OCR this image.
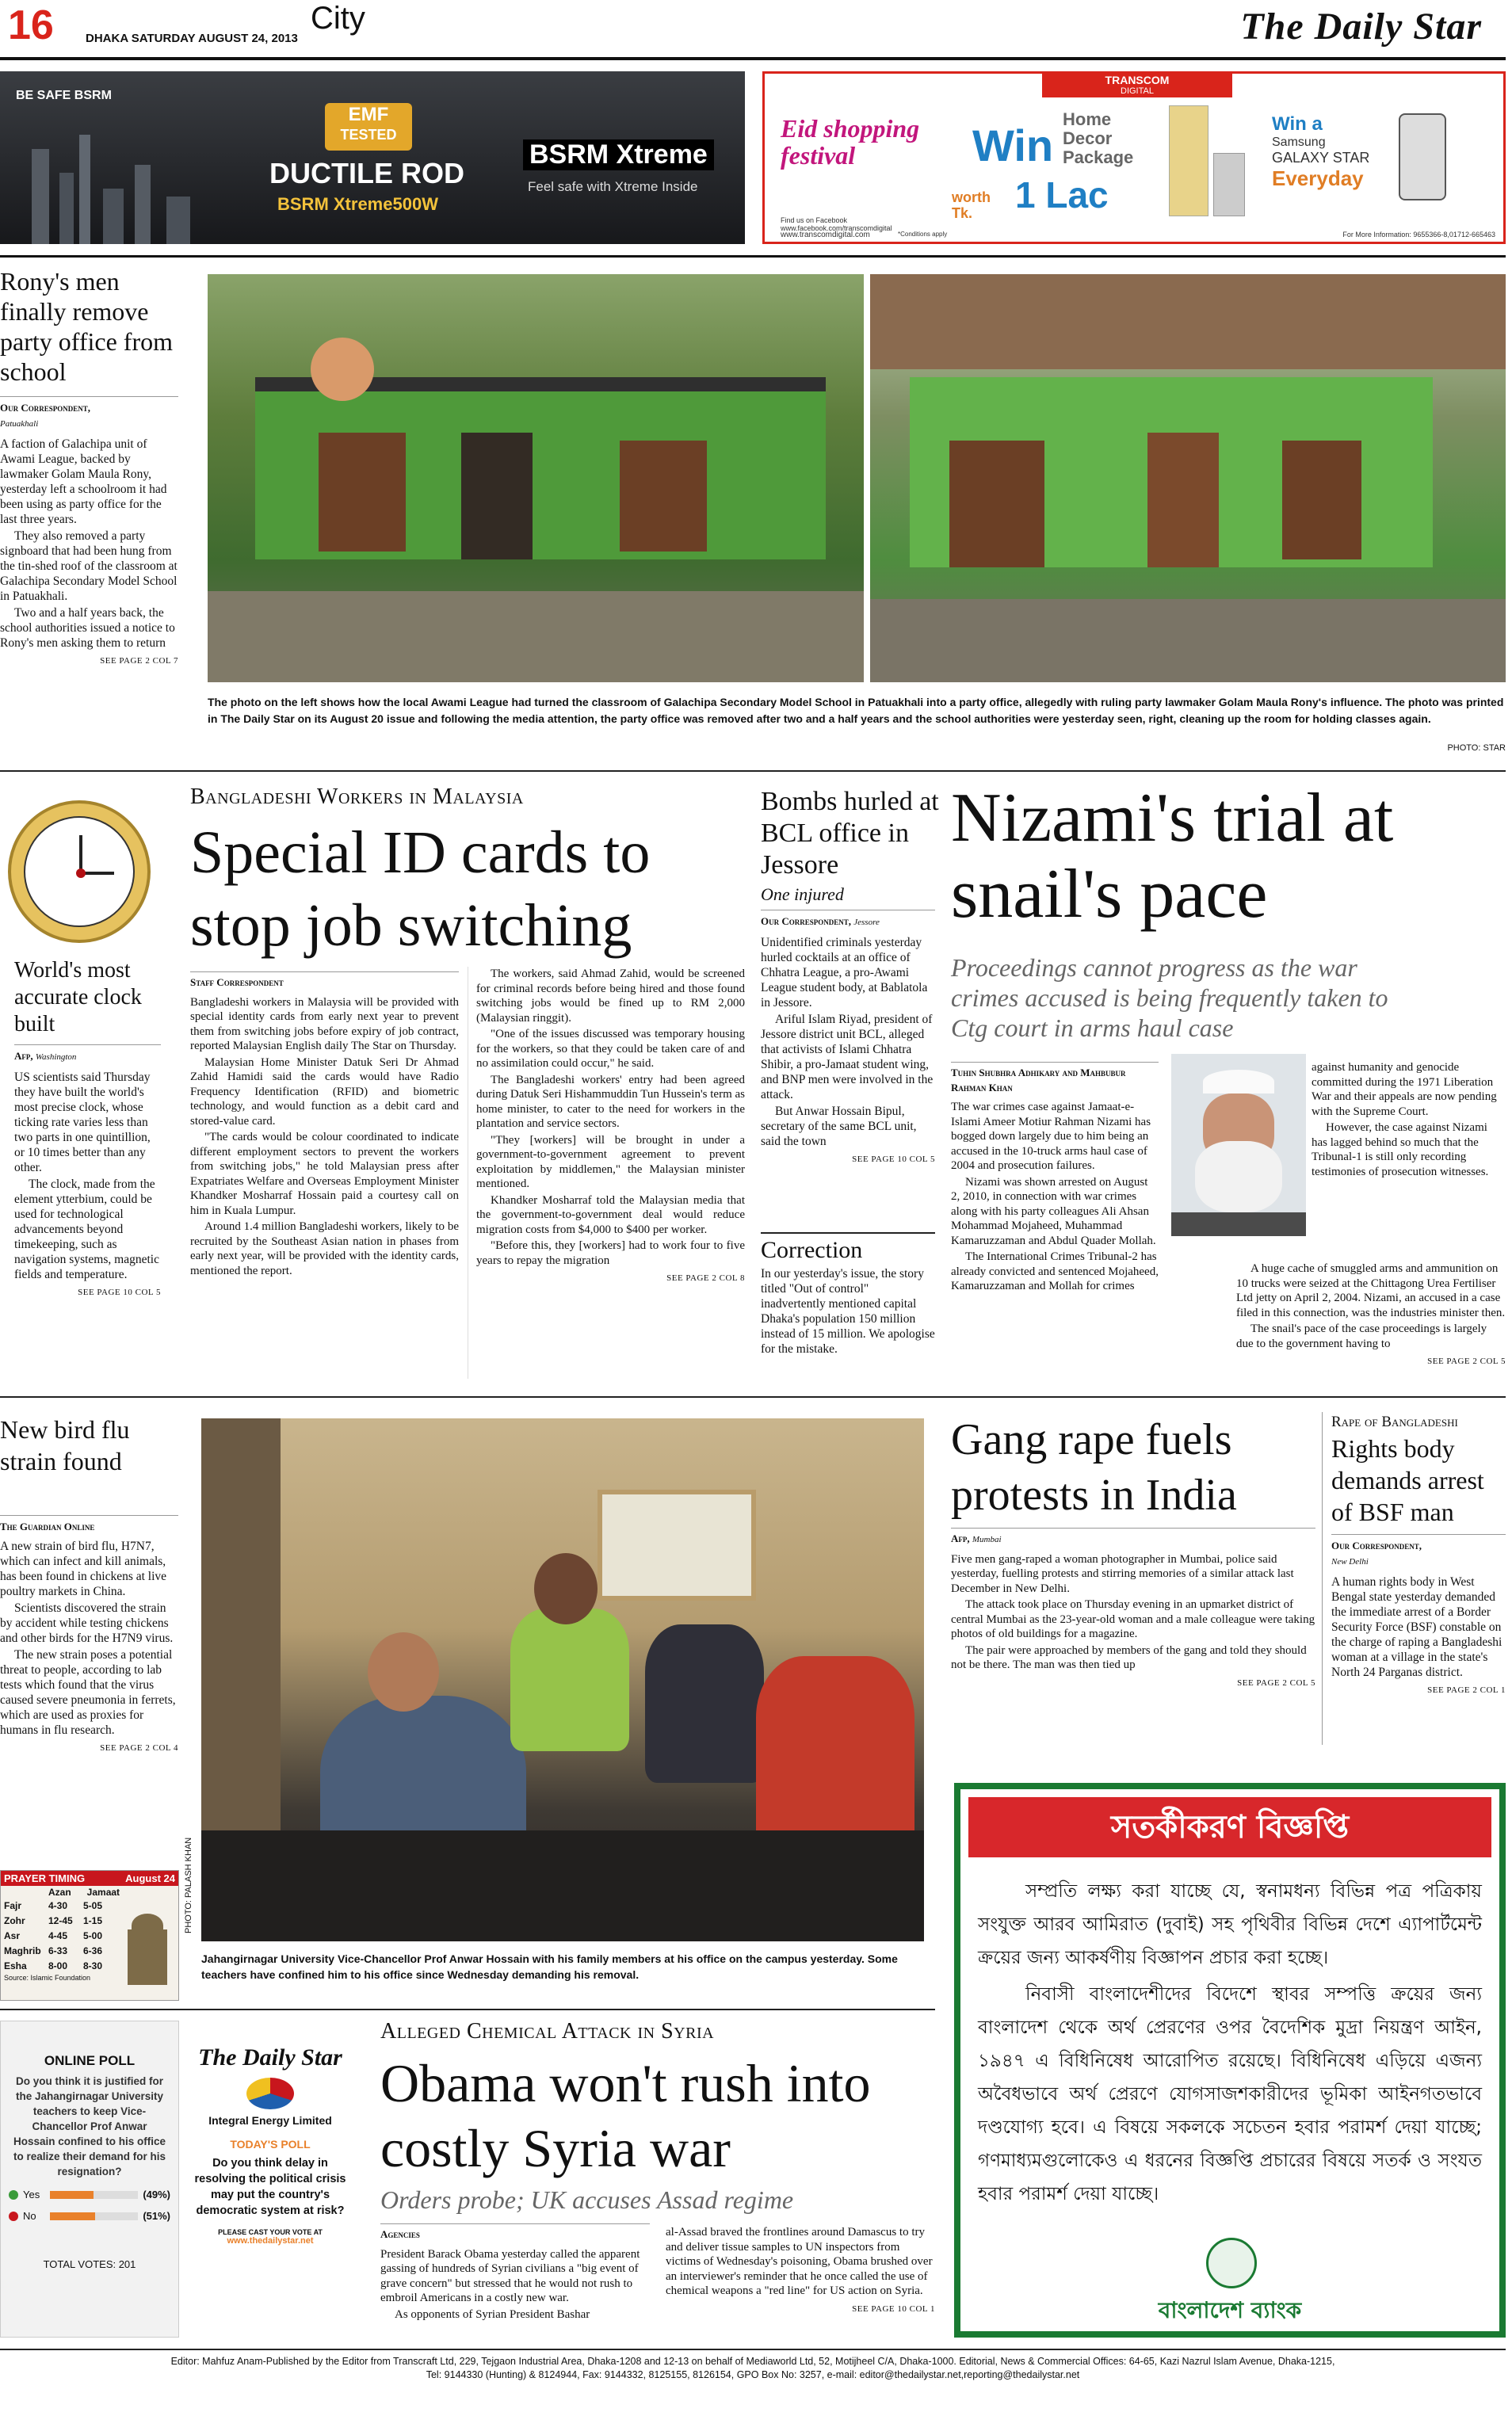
16	DHAKA SATURDAY AUGUST 24, 2013
City	The Daily Star
BE SAFE BSRM
EMF
TESTED
DUCTILE ROD
BSRM Xtreme500W
BSRM Xtreme
Feel safe with Xtreme Inside
TRANSCOM
DIGITAL
Eid shopping festival	Win
Home Decor Package
worth Tk.	1 Lac
Win a
Samsung
GALAXY STAR
Everyday
Find us on Facebook www.facebook.com/transcomdigital
www.transcomdigital.com	*Conditions apply	For More Information: 9655366-8,01712-665463
Rony's men finally remove party office from school
Our Correspondent,
Patuakhali

A faction of Galachipa unit of Awami League, backed by lawmaker Golam Maula Rony, yesterday left a schoolroom it had been using as party office for the last three years.

They also removed a party signboard that had been hung from the tin-shed roof of the classroom at Galachipa Secondary Model School in Patuakhali.

Two and a half years back, the school authorities issued a notice to Rony's men asking them to return

SEE PAGE 2 COL 7
The photo on the left shows how the local Awami League had turned the classroom of Galachipa Secondary Model School in Patuakhali into a party office, allegedly with ruling party lawmaker Golam Maula Rony's influence. The photo was printed in The Daily Star on its August 20 issue and following the media attention, the party office was removed after two and a half years and the school authorities were yesterday seen, right, cleaning up the room for holding classes again.
PHOTO: STAR
World's most accurate clock built
Afp, Washington

US scientists said Thursday they have built the world's most precise clock, whose ticking rate varies less than two parts in one quintillion, or 10 times better than any other.

The clock, made from the element ytterbium, could be used for technological advancements beyond timekeeping, such as navigation systems, magnetic fields and temperature.

SEE PAGE 10 COL 5
Bangladeshi Workers in Malaysia
Special ID cards to stop job switching
Staff Correspondent

Bangladeshi workers in Malaysia will be provided with special identity cards from early next year to prevent them from switching jobs before expiry of job contract, reported Malaysian English daily The Star on Thursday.

Malaysian Home Minister Datuk Seri Dr Ahmad Zahid Hamidi said the cards would have Radio Frequency Identification (RFID) and biometric technology, and would function as a debit card and stored-value card.

"The cards would be colour coordinated to indicate different employment sectors to prevent the workers from switching jobs," he told Malaysian press after Expatriates Welfare and Overseas Employment Minister Khandker Mosharraf Hossain paid a courtesy call on him in Kuala Lumpur.

Around 1.4 million Bangladeshi workers, likely to be recruited by the Southeast Asian nation in phases from early next year, will be provided with the identity cards, mentioned the report.

The workers, said Ahmad Zahid, would be screened for criminal records before being hired and those found switching jobs would be fined up to RM 2,000 (Malaysian ringgit).

"One of the issues discussed was temporary housing for the workers, so that they could be taken care of and no assimilation could occur," he said.

The Bangladeshi workers' entry had been agreed during Datuk Seri Hishammuddin Tun Hussein's term as home minister, to cater to the need for workers in the plantation and service sectors.

"They [workers] will be brought in under a government-to-government agreement to prevent exploitation by middlemen," the Malaysian minister mentioned.

Khandker Mosharraf told the Malaysian media that the government-to-government deal would reduce migration costs from $4,000 to $400 per worker.

"Before this, they [workers] had to work four to five years to repay the migration

SEE PAGE 2 COL 8
Bombs hurled at BCL office in Jessore
One injured
Our Correspondent, Jessore

Unidentified criminals yesterday hurled cocktails at an office of Chhatra League, a pro-Awami League student body, at Bablatola in Jessore.

Ariful Islam Riyad, president of Jessore district unit BCL, alleged that activists of Islami Chhatra Shibir, a pro-Jamaat student wing, and BNP men were involved in the attack.

But Anwar Hossain Bipul, secretary of the same BCL unit, said the town

SEE PAGE 10 COL 5
Correction
In our yesterday's issue, the story titled "Out of control" inadvertently mentioned capital Dhaka's population 150 million instead of 15 million. We apologise for the mistake.
Nizami's trial at snail's pace
Proceedings cannot progress as the war crimes accused is being frequently taken to Ctg court in arms haul case
Tuhin Shubhra Adhikary and Mahbubur Rahman Khan

The war crimes case against Jamaat-e-Islami Ameer Motiur Rahman Nizami has bogged down largely due to him being an accused in the 10-truck arms haul case of 2004 and prosecution failures.

Nizami was shown arrested on August 2, 2010, in connection with war crimes along with his party colleagues Ali Ahsan Mohammad Mojaheed, Muhammad Kamaruzzaman and Abdul Quader Mollah.

The International Crimes Tribunal-2 has already convicted and sentenced Mojaheed, Kamaruzzaman and Mollah for crimes

against humanity and genocide committed during the 1971 Liberation War and their appeals are now pending with the Supreme Court.

However, the case against Nizami has lagged behind so much that the Tribunal-1 is still only recording testimonies of prosecution witnesses.

A huge cache of smuggled arms and ammunition on 10 trucks were seized at the Chittagong Urea Fertiliser Ltd jetty on April 2, 2004. Nizami, an accused in a case filed in this connection, was the industries minister then.

The snail's pace of the case proceedings is largely due to the government having to

SEE PAGE 2 COL 5
New bird flu strain found
The Guardian Online

A new strain of bird flu, H7N7, which can infect and kill animals, has been found in chickens at live poultry markets in China.

Scientists discovered the strain by accident while testing chickens and other birds for the H7N9 virus.

The new strain poses a potential threat to people, according to lab tests which found that the virus caused severe pneumonia in ferrets, which are used as proxies for humans in flu research.

SEE PAGE 2 COL 4
PRAYER TIMING	August 24
Azan Jamaat
Fajr	4-30	5-05
Zohr	12-45	1-15
Asr	4-45	5-00
Maghrib 6-33	6-36
Esha	8-00	8-30
Source: Islamic Foundation
PHOTO: PALASH KHAN
Jahangirnagar University Vice-Chancellor Prof Anwar Hossain with his family members at his office on the campus yesterday. Some teachers have confined him to his office since Wednesday demanding his removal.
Gang rape fuels protests in India
Afp, Mumbai

Five men gang-raped a woman photographer in Mumbai, police said yesterday, fuelling protests and stirring memories of a similar attack last December in New Delhi.

The attack took place on Thursday evening in an upmarket district of central Mumbai as the 23-year-old woman and a male colleague were taking photos of old buildings for a magazine.

The pair were approached by members of the gang and told they should not be there. The man was then tied up

SEE PAGE 2 COL 5
Rape of Bangladeshi
Rights body demands arrest of BSF man
Our Correspondent,
New Delhi

A human rights body in West Bengal state yesterday demanded the immediate arrest of a Border Security Force (BSF) constable on the charge of raping a Bangladeshi woman at a village in the state's North 24 Parganas district.

SEE PAGE 2 COL 1
সতর্কীকরণ বিজ্ঞপ্তি

সম্প্রতি লক্ষ্য করা যাচ্ছে যে, স্বনামধন্য বিভিন্ন পত্র পত্রিকায় সংযুক্ত আরব আমিরাত (দুবাই) সহ পৃথিবীর বিভিন্ন দেশে এ্যাপার্টমেন্ট ক্রয়ের জন্য আকর্ষণীয় বিজ্ঞাপন প্রচার করা হচ্ছে।

নিবাসী বাংলাদেশীদের বিদেশে স্থাবর সম্পত্তি ক্রয়ের জন্য বাংলাদেশ থেকে অর্থ প্রেরণের ওপর বৈদেশিক মুদ্রা নিয়ন্ত্রণ আইন, ১৯৪৭ এ বিধিনিষেধ আরোপিত রয়েছে। বিধিনিষেধ এড়িয়ে এজন্য অবৈধভাবে অর্থ প্রেরণে যোগসাজশকারীদের ভূমিকা আইনগতভাবে দণ্ডযোগ্য হবে। এ বিষয়ে সকলকে সচেতন হবার পরামর্শ দেয়া যাচ্ছে; গণমাধ্যমগুলোকেও এ ধরনের বিজ্ঞপ্তি প্রচারের বিষয়ে সতর্ক ও সংযত হবার পরামর্শ দেয়া যাচ্ছে।

বাংলাদেশ ব্যাংক
ONLINE POLL
Do you think it is justified for the Jahangirnagar University teachers to keep Vice-Chancellor Prof Anwar Hossain confined to his office to realize their demand for his resignation?
Yes	(49%)
No	(51%)
TOTAL VOTES: 201
The Daily Star
Integral Energy Limited
TODAY'S POLL
Do you think delay in resolving the political crisis may put the country's democratic system at risk?
PLEASE CAST YOUR VOTE AT
www.thedailystar.net
Alleged Chemical Attack in Syria
Obama won't rush into costly Syria war
Orders probe; UK accuses Assad regime
Agencies

President Barack Obama yesterday called the apparent gassing of hundreds of Syrian civilians a "big event of grave concern" but stressed that he would not rush to embroil Americans in a costly new war.

As opponents of Syrian President Bashar

al-Assad braved the frontlines around Damascus to try and deliver tissue samples to UN inspectors from victims of Wednesday's poisoning, Obama brushed over an interviewer's reminder that he once called the use of chemical weapons a "red line" for US action on Syria.

SEE PAGE 10 COL 1
Editor: Mahfuz Anam-Published by the Editor from Transcraft Ltd, 229, Tejgaon Industrial Area, Dhaka-1208 and 12-13 on behalf of Mediaworld Ltd, 52, Motijheel C/A, Dhaka-1000. Editorial, News & Commercial Offices: 64-65, Kazi Nazrul Islam Avenue, Dhaka-1215,
Tel: 9144330 (Hunting) & 8124944, Fax: 9144332, 8125155, 8126154, GPO Box No: 3257, e-mail: editor@thedailystar.net,reporting@thedailystar.net
